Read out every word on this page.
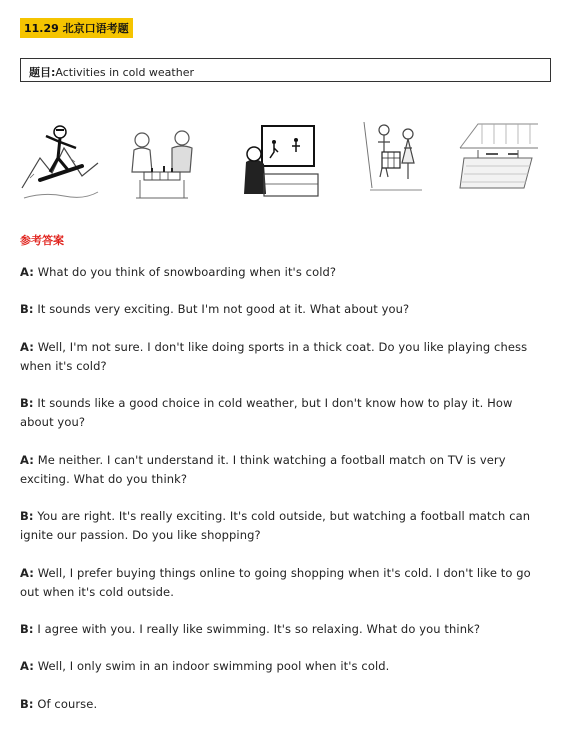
11.29 北京口语考题
题目:Activities in cold weather
参考答案
A: What do you think of snowboarding when it's cold?
B: It sounds very exciting. But I'm not good at it. What about you?
A: Well, I'm not sure. I don't like doing sports in a thick coat. Do you like playing chess when it's cold?
B: It sounds like a good choice in cold weather, but I don't know how to play it. How about you?
A: Me neither. I can't understand it. I think watching a football match on TV is very exciting. What do you think?
B: You are right. It's really exciting. It's cold outside, but watching a football match can ignite our passion. Do you like shopping?
A: Well, I prefer buying things online to going shopping when it's cold. I don't like to go out when it's cold outside.
B: I agree with you. I really like swimming. It's so relaxing. What do you think?
A: Well, I only swim in an indoor swimming pool when it's cold.
B: Of course.
